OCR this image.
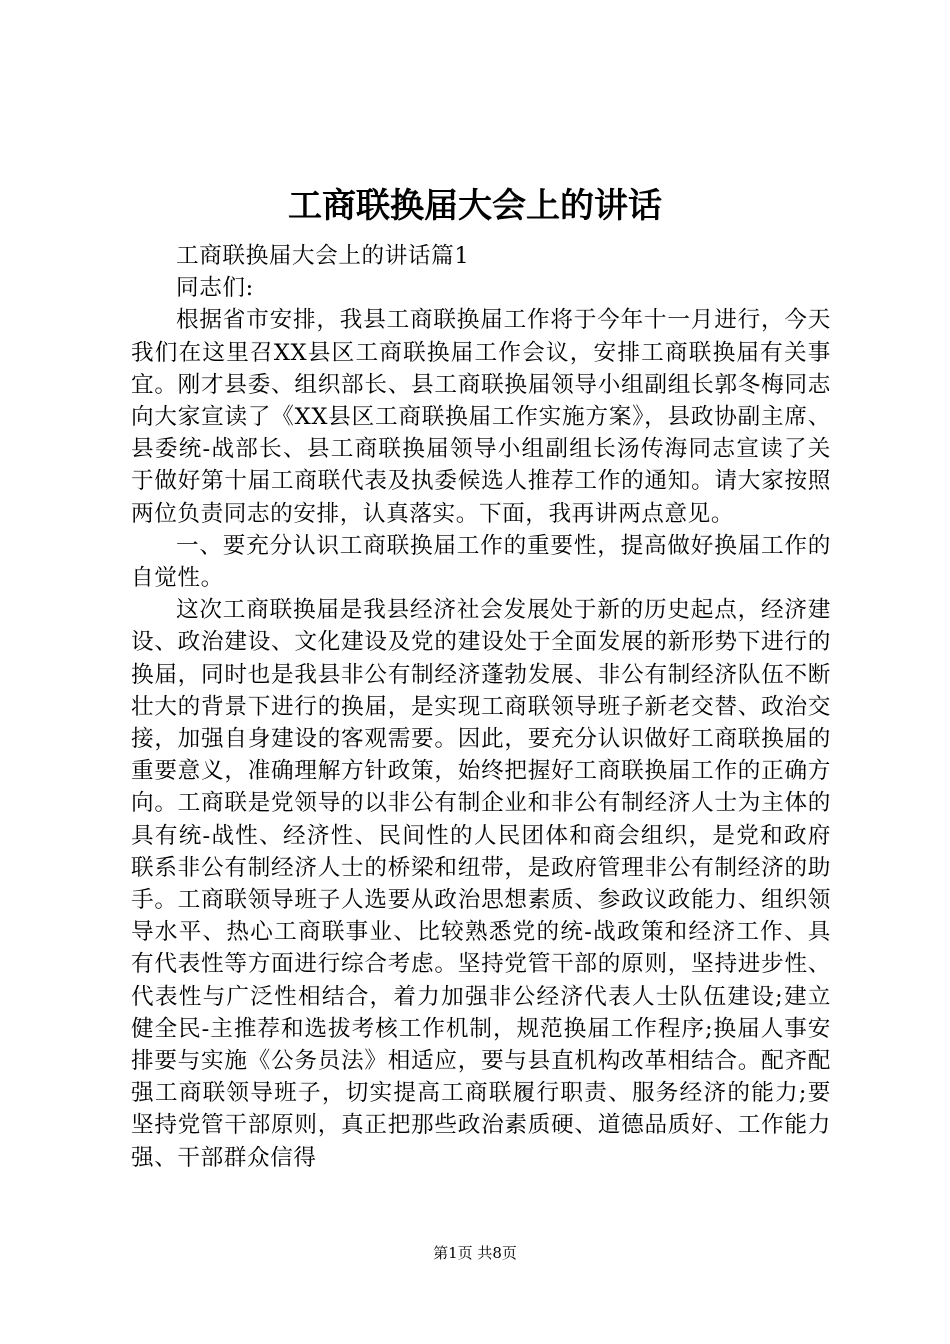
工商联换届大会上的讲话

工商联换届大会上的讲话篇1

同志们:

根据省市安排，我县工商联换届工作将于今年十一月进行，今天我们在这里召XX县区工商联换届工作会议，安排工商联换届有关事宜。刚才县委、组织部长、县工商联换届领导小组副组长郭冬梅同志向大家宣读了《XX县区工商联换届工作实施方案》，县政协副主席、县委统-战部长、县工商联换届领导小组副组长汤传海同志宣读了关于做好第十届工商联代表及执委候选人推荐工作的通知。请大家按照两位负责同志的安排，认真落实。下面，我再讲两点意见。

一、要充分认识工商联换届工作的重要性，提高做好换届工作的自觉性。

这次工商联换届是我县经济社会发展处于新的历史起点，经济建设、政治建设、文化建设及党的建设处于全面发展的新形势下进行的换届，同时也是我县非公有制经济蓬勃发展、非公有制经济队伍不断壮大的背景下进行的换届，是实现工商联领导班子新老交替、政治交接，加强自身建设的客观需要。因此，要充分认识做好工商联换届的重要意义，准确理解方针政策，始终把握好工商联换届工作的正确方向。工商联是党领导的以非公有制企业和非公有制经济人士为主体的具有统-战性、经济性、民间性的人民团体和商会组织，是党和政府联系非公有制经济人士的桥梁和纽带，是政府管理非公有制经济的助手。工商联领导班子人选要从政治思想素质、参政议政能力、组织领导水平、热心工商联事业、比较熟悉党的统-战政策和经济工作、具有代表性等方面进行综合考虑。坚持党管干部的原则，坚持进步性、代表性与广泛性相结合，着力加强非公经济代表人士队伍建设;建立健全民-主推荐和选拔考核工作机制，规范换届工作程序;换届人事安排要与实施《公务员法》相适应，要与县直机构改革相结合。配齐配强工商联领导班子，切实提高工商联履行职责、服务经济的能力;要坚持党管干部原则，真正把那些政治素质硬、道德品质好、工作能力强、干部群众信得

第1页 共8页
